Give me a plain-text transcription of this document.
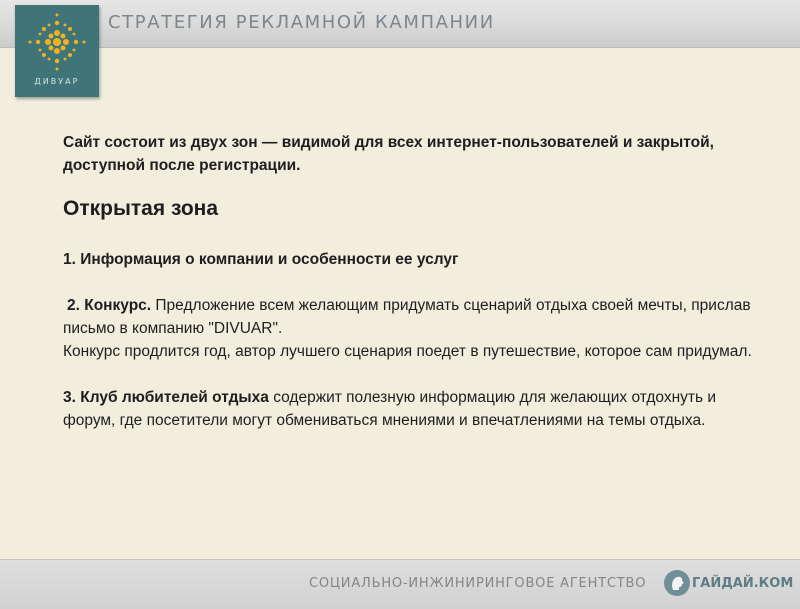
СТРАТЕГИЯ РЕКЛАМНОЙ КАМПАНИИ
ДИВУАР

Сайт состоит из двух зон — видимой для всех интернет-пользователей и закрытой, доступной после регистрации.

Открытая зона

1. Информация о компании и особенности ее услуг

2. Конкурс. Предложение всем желающим придумать сценарий отдыха своей мечты, прислав письмо в компанию "DIVUAR".

Конкурс продлится год, автор лучшего сценария поедет в путешествие, которое сам придумал.

3. Клуб любителей отдыха содержит полезную информацию для желающих отдохнуть и форум, где посетители могут обмениваться мнениями и впечатлениями на темы отдыха.

СОЦИАЛЬНО-ИНЖИНИРИНГОВОЕ АГЕНТСТВО	ГАЙДАЙ.КОМ
